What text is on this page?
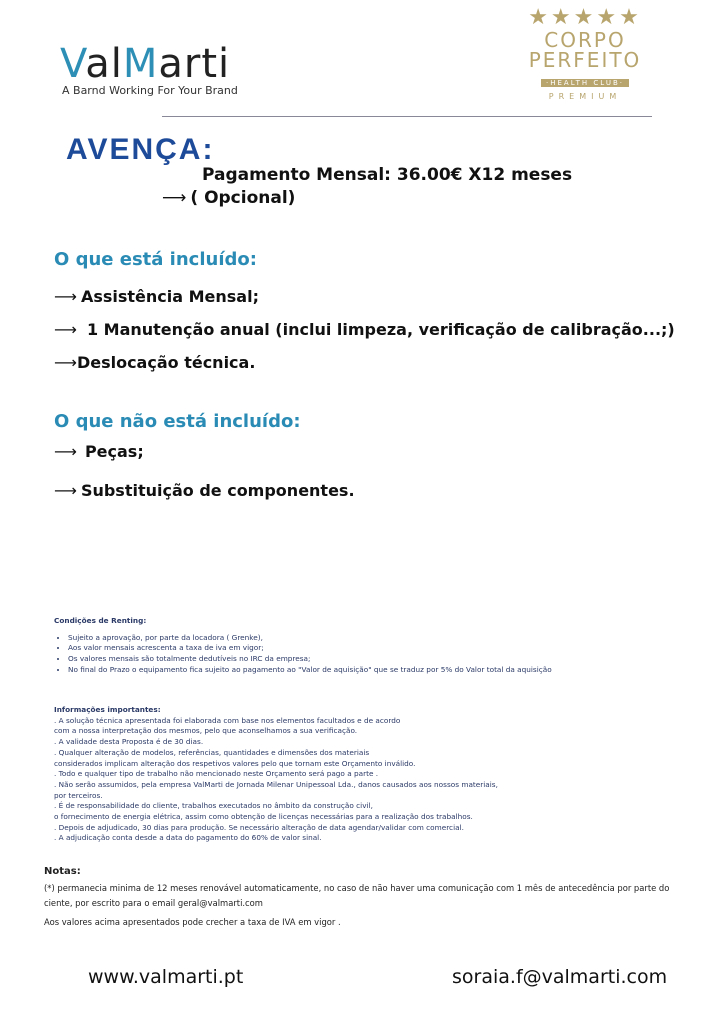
ValMarti
A Barnd Working For Your Brand
★★★★★
CORPO
PERFEITO
·HEALTH CLUB·
PREMIUM
AVENÇA:
Pagamento Mensal: 36.00€ X12 meses
⟶ ( Opcional)
O que está incluído:
⟶ Assistência Mensal;
⟶ 1 Manutenção anual (inclui limpeza, verificação de calibração...;)
⟶Deslocação técnica.
O que não está incluído:
⟶ Peças;
⟶ Substituição de componentes.
Condições de Renting:
• Sujeito a aprovação, por parte da locadora ( Grenke),
• Aos valor mensais acrescenta a taxa de iva em vigor;
• Os valores mensais são totalmente dedutíveis no IRC da empresa;
• No final do Prazo o equipamento fica sujeito ao pagamento ao "Valor de aquisição" que se traduz por 5% do Valor total da aquisição
Informações importantes:
. A solução técnica apresentada foi elaborada com base nos elementos facultados e de acordo
com a nossa interpretação dos mesmos, pelo que aconselhamos a sua verificação.
. A validade desta Proposta é de 30 dias.
. Qualquer alteração de modelos, referências, quantidades e dimensões dos materiais
considerados implicam alteração dos respetivos valores pelo que tornam este Orçamento inválido.
. Todo e qualquer tipo de trabalho não mencionado neste Orçamento será pago a parte .
. Não serão assumidos, pela empresa ValMarti de Jornada Milenar Unipessoal Lda., danos causados aos nossos materiais,
por terceiros.
. É de responsabilidade do cliente, trabalhos executados no âmbito da construção civil,
o fornecimento de energia elétrica, assim como obtenção de licenças necessárias para a realização dos trabalhos.
. Depois de adjudicado, 30 dias para produção. Se necessário alteração de data agendar/validar com comercial.
. A adjudicação conta desde a data do pagamento do 60% de valor sinal.
Notas:
(*) permanecia minima de 12 meses renovável automaticamente, no caso de não haver uma comunicação com 1 mês de antecedência por parte do ciente, por escrito para o email geral@valmarti.com
Aos valores acima apresentados pode crecher a taxa de IVA em vigor .
www.valmarti.pt	soraia.f@valmarti.com
